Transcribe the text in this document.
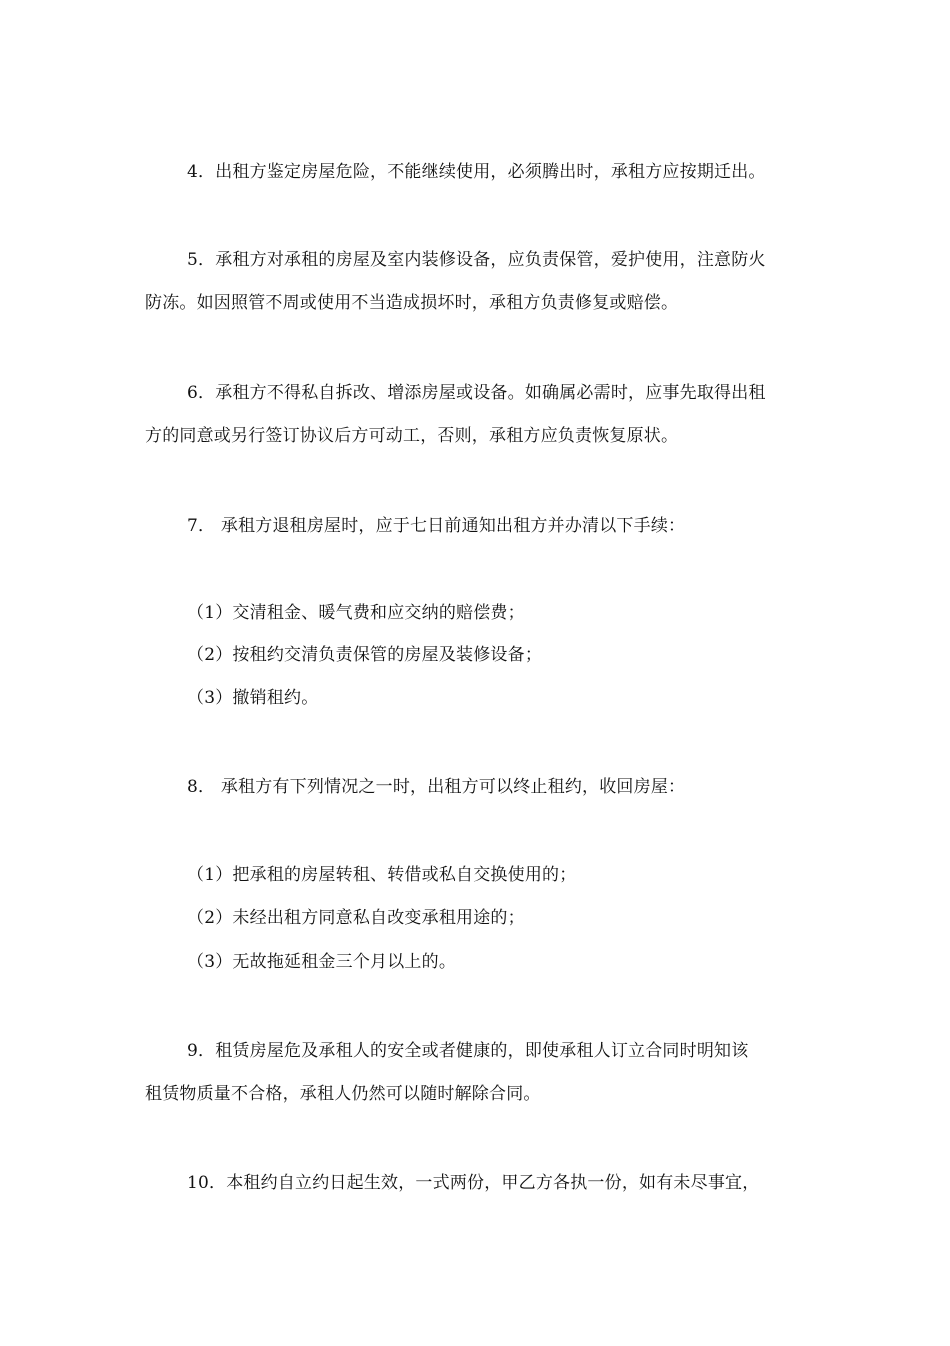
4．出租方鉴定房屋危险，不能继续使用，必须腾出时，承租方应按期迁出。
5．承租方对承租的房屋及室内装修设备，应负责保管，爱护使用，注意防火
防冻。如因照管不周或使用不当造成损坏时，承租方负责修复或赔偿。
6．承租方不得私自拆改、增添房屋或设备。如确属必需时，应事先取得出租
方的同意或另行签订协议后方可动工，否则，承租方应负责恢复原状。
7． 承租方退租房屋时，应于七日前通知出租方并办清以下手续：
（1）交清租金、暖气费和应交纳的赔偿费；
（2）按租约交清负责保管的房屋及装修设备；
（3）撤销租约。
8． 承租方有下列情况之一时，出租方可以终止租约，收回房屋：
（1）把承租的房屋转租、转借或私自交换使用的；
（2）未经出租方同意私自改变承租用途的；
（3）无故拖延租金三个月以上的。
9．租赁房屋危及承租人的安全或者健康的，即使承租人订立合同时明知该
租赁物质量不合格，承租人仍然可以随时解除合同。
10．本租约自立约日起生效，一式两份，甲乙方各执一份，如有未尽事宜，
